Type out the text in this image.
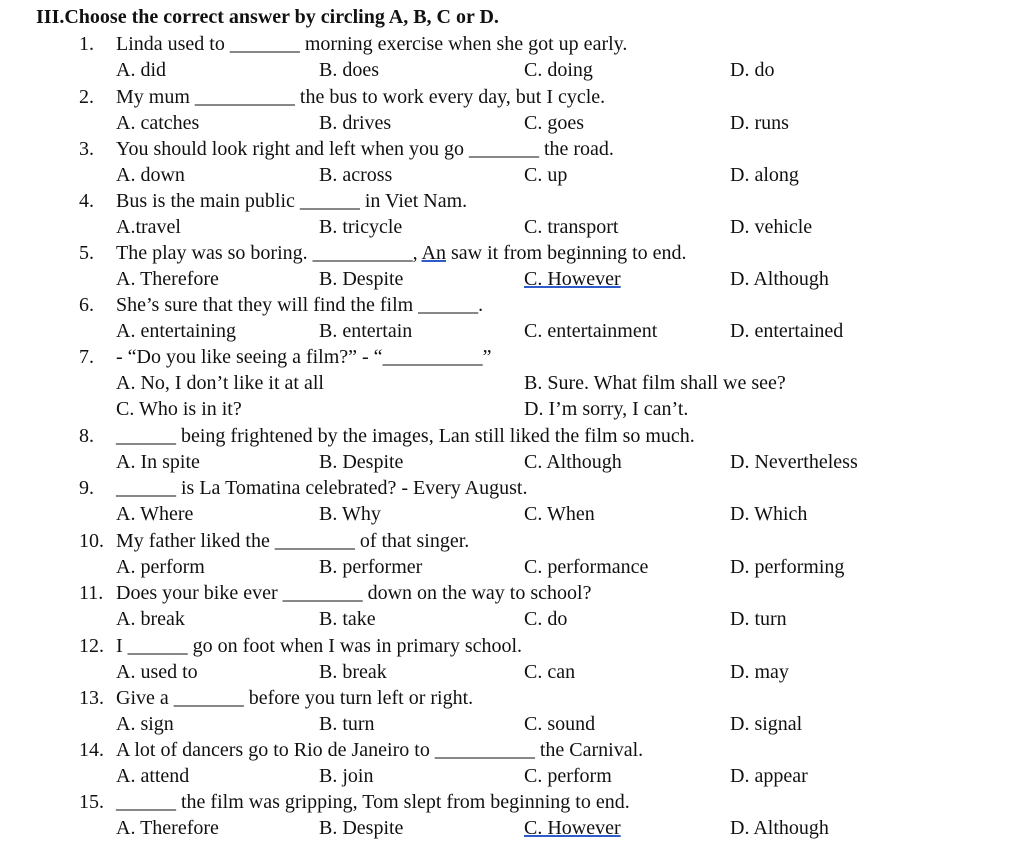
III.Choose the correct answer by circling A, B, C or D.
1. Linda used to _______ morning exercise when she got up early.
A. did	B. does	C. doing	D. do
2. My mum __________ the bus to work every day, but I cycle.
A. catches	B. drives	C. goes	D. runs
3. You should look right and left when you go _______ the road.
A. down	B. across	C. up	D. along
4. Bus is the main public ______ in Viet Nam.
A.travel	B. tricycle	C. transport	D. vehicle
5. The play was so boring. __________, An saw it from beginning to end.
A. Therefore	B. Despite	C. However	D. Although
6. She’s sure that they will find the film ______.
A. entertaining	B. entertain	C. entertainment	D. entertained
7. - “Do you like seeing a film?” - “__________”
A. No, I don’t like it at all	B. Sure. What film shall we see?
C. Who is in it?	D. I’m sorry, I can’t.
8. ______ being frightened by the images, Lan still liked the film so much.
A. In spite	B. Despite	C. Although	D. Nevertheless
9. ______ is La Tomatina celebrated? - Every August.
A. Where	B. Why	C. When	D. Which
10. My father liked the ________ of that singer.
A. perform	B. performer	C. performance	D. performing
11. Does your bike ever ________ down on the way to school?
A. break	B. take	C. do	D. turn
12. I ______ go on foot when I was in primary school.
A. used to	B. break	C. can	D. may
13. Give a _______ before you turn left or right.
A. sign	B. turn	C. sound	D. signal
14. A lot of dancers go to Rio de Janeiro to __________ the Carnival.
A. attend	B. join	C. perform	D. appear
15. ______ the film was gripping, Tom slept from beginning to end.
A. Therefore	B. Despite	C. However	D. Although
